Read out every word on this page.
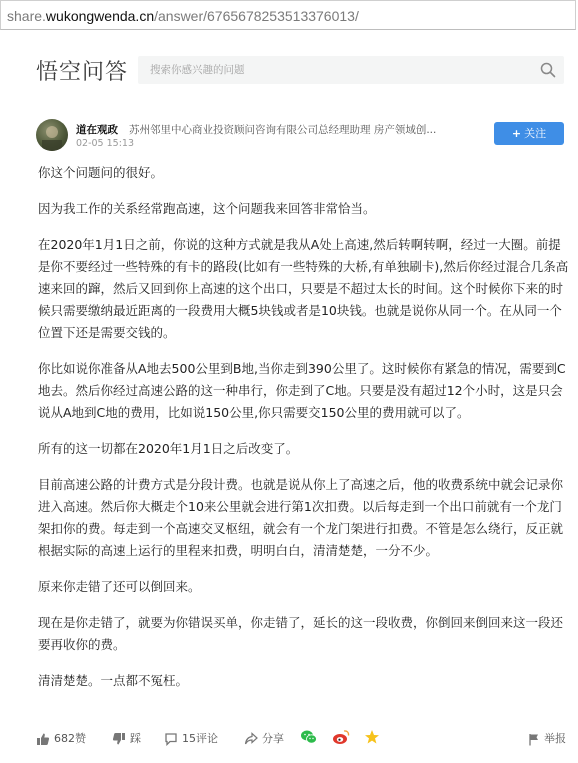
share.wukongwenda.cn/answer/6765678253513376013/
悟空问答	搜索你感兴趣的问题
道在观政 苏州邻里中心商业投资顾问咨询有限公司总经理助理 房产领域创...
02-05 15:13
+ 关注

你这个问题问的很好。

因为我工作的关系经常跑高速，这个问题我来回答非常恰当。

在2020年1月1日之前，你说的这种方式就是我从A处上高速,然后转啊转啊，经过一大圈。前提是你不要经过一些特殊的有卡的路段(比如有一些特殊的大桥,有单独刷卡),然后你经过混合几条高速来回的蹿，然后又回到你上高速的这个出口，只要是不超过太长的时间。这个时候你下来的时候只需要缴纳最近距离的一段费用大概5块钱或者是10块钱。也就是说你从同一个。在从同一个位置下还是需要交钱的。

你比如说你准备从A地去500公里到B地,当你走到390公里了。这时候你有紧急的情况，需要到C地去。然后你经过高速公路的这一种串行，你走到了C地。只要是没有超过12个小时，这是只会说从A地到C地的费用，比如说150公里,你只需要交150公里的费用就可以了。

所有的这一切都在2020年1月1日之后改变了。

目前高速公路的计费方式是分段计费。也就是说从你上了高速之后，他的收费系统中就会记录你进入高速。然后你大概走个10来公里就会进行第1次扣费。以后每走到一个出口前就有一个龙门架扣你的费。每走到一个高速交叉枢纽，就会有一个龙门架进行扣费。不管是怎么绕行，反正就根据实际的高速上运行的里程来扣费，明明白白，清清楚楚，一分不少。

原来你走错了还可以倒回来。

现在是你走错了，就要为你错误买单，你走错了，延长的这一段收费，你倒回来倒回来这一段还要再收你的费。

清清楚楚。一点都不冤枉。

682赞	踩	15评论	分享	举报
